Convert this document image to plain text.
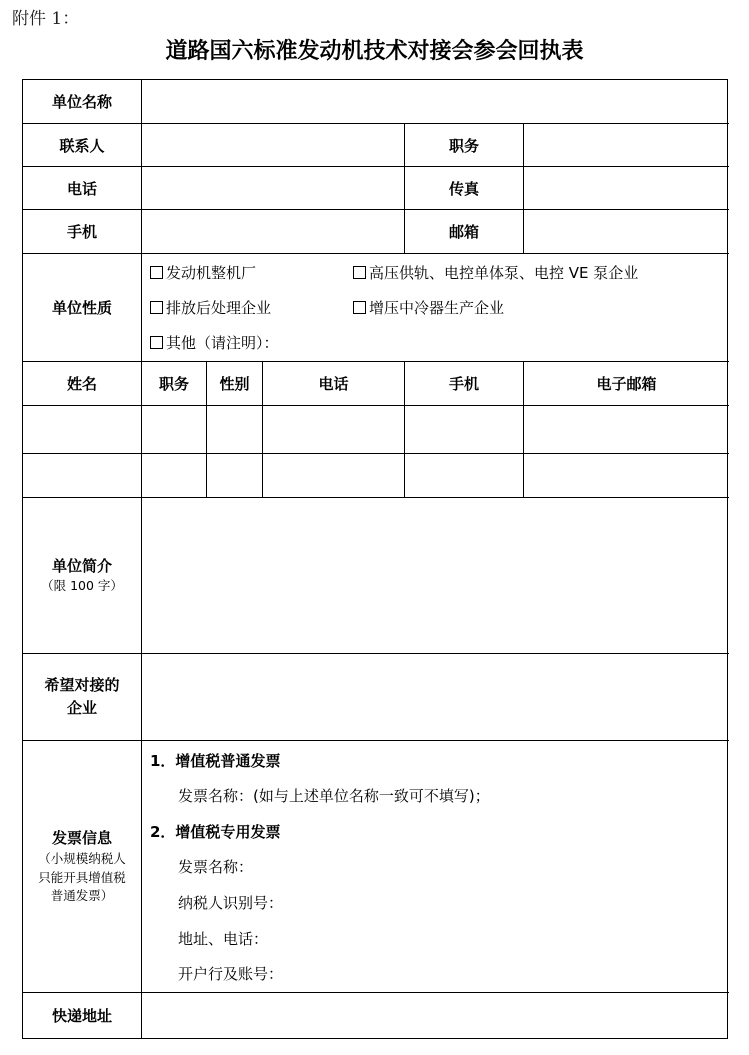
附件 1：
道路国六标准发动机技术对接会参会回执表
单位名称
联系人	职务
电话	传真
手机	邮箱
单位性质
发动机整机厂	高压供轨、电控单体泵、电控 VE 泵企业
排放后处理企业	增压中冷器生产企业
其他（请注明）：
姓名	职务	性别	电话	手机	电子邮箱
单位简介
（限 100 字）
希望对接的
企业
发票信息
（小规模纳税人
只能开具增值税
普通发票）
1．增值税普通发票
发票名称：(如与上述单位名称一致可不填写)；
2．增值税专用发票
发票名称：
纳税人识别号：
地址、电话：
开户行及账号：
快递地址
